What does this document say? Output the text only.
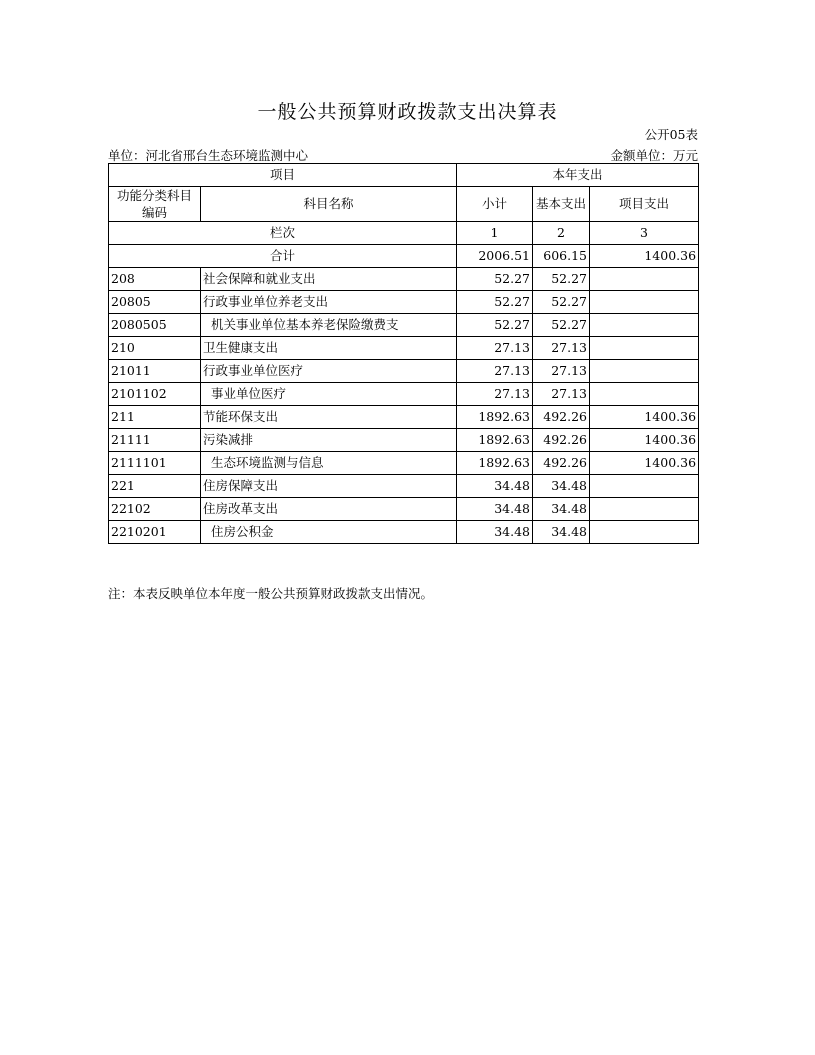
一般公共预算财政拨款支出决算表
公开05表
单位：河北省邢台生态环境监测中心	金额单位：万元
项目		本年支出		
功能分类科目编码	科目名称	小计	基本支出	项目支出
栏次		1	2	3
合计		2006.51	606.15	1400.36
208	社会保障和就业支出	52.27	52.27	
20805	行政事业单位养老支出	52.27	52.27	
2080505	机关事业单位基本养老保险缴费支	52.27	52.27	
210	卫生健康支出	27.13	27.13	
21011	行政事业单位医疗	27.13	27.13	
2101102	事业单位医疗	27.13	27.13	
211	节能环保支出	1892.63	492.26	1400.36
21111	污染减排	1892.63	492.26	1400.36
2111101	生态环境监测与信息	1892.63	492.26	1400.36
221	住房保障支出	34.48	34.48	
22102	住房改革支出	34.48	34.48	
2210201	住房公积金	34.48	34.48	
注：本表反映单位本年度一般公共预算财政拨款支出情况。
